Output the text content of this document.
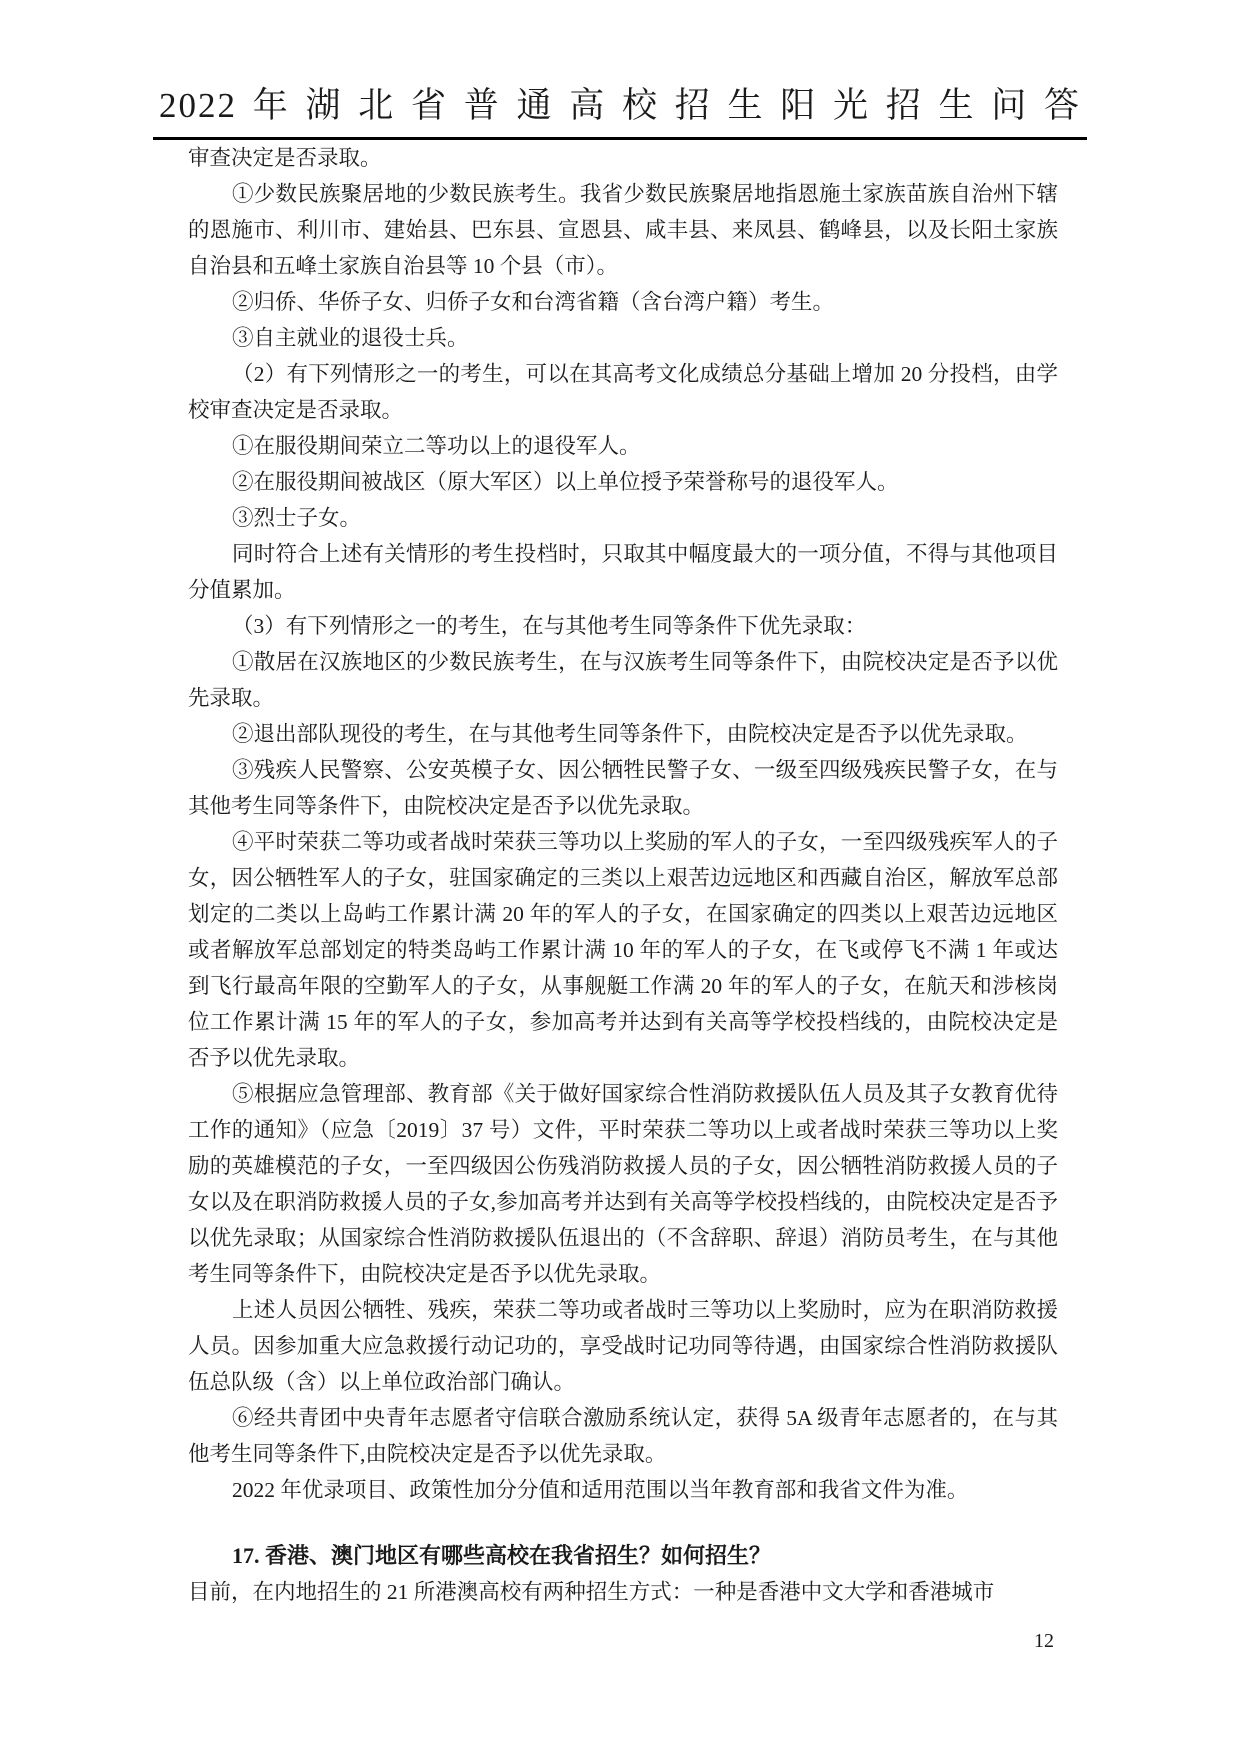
2022 年 湖 北 省 普 通 高 校 招 生 阳 光 招 生 问 答

审查决定是否录取。

①少数民族聚居地的少数民族考生。我省少数民族聚居地指恩施土家族苗族自治州下辖的恩施市、利川市、建始县、巴东县、宣恩县、咸丰县、来凤县、鹤峰县，以及长阳土家族自治县和五峰土家族自治县等 10 个县（市）。

②归侨、华侨子女、归侨子女和台湾省籍（含台湾户籍）考生。

③自主就业的退役士兵。

（2）有下列情形之一的考生，可以在其高考文化成绩总分基础上增加 20 分投档，由学校审查决定是否录取。

①在服役期间荣立二等功以上的退役军人。

②在服役期间被战区（原大军区）以上单位授予荣誉称号的退役军人。

③烈士子女。

同时符合上述有关情形的考生投档时，只取其中幅度最大的一项分值，不得与其他项目分值累加。

（3）有下列情形之一的考生，在与其他考生同等条件下优先录取：

①散居在汉族地区的少数民族考生，在与汉族考生同等条件下，由院校决定是否予以优先录取。

②退出部队现役的考生，在与其他考生同等条件下，由院校决定是否予以优先录取。

③残疾人民警察、公安英模子女、因公牺牲民警子女、一级至四级残疾民警子女，在与其他考生同等条件下，由院校决定是否予以优先录取。

④平时荣获二等功或者战时荣获三等功以上奖励的军人的子女，一至四级残疾军人的子女，因公牺牲军人的子女，驻国家确定的三类以上艰苦边远地区和西藏自治区，解放军总部划定的二类以上岛屿工作累计满 20 年的军人的子女，在国家确定的四类以上艰苦边远地区或者解放军总部划定的特类岛屿工作累计满 10 年的军人的子女，在飞或停飞不满 1 年或达到飞行最高年限的空勤军人的子女，从事舰艇工作满 20 年的军人的子女，在航天和涉核岗位工作累计满 15 年的军人的子女，参加高考并达到有关高等学校投档线的，由院校决定是否予以优先录取。

⑤根据应急管理部、教育部《关于做好国家综合性消防救援队伍人员及其子女教育优待工作的通知》（应急〔2019〕37 号）文件，平时荣获二等功以上或者战时荣获三等功以上奖励的英雄模范的子女，一至四级因公伤残消防救援人员的子女，因公牺牲消防救援人员的子女以及在职消防救援人员的子女,参加高考并达到有关高等学校投档线的，由院校决定是否予以优先录取；从国家综合性消防救援队伍退出的（不含辞职、辞退）消防员考生，在与其他考生同等条件下，由院校决定是否予以优先录取。

上述人员因公牺牲、残疾，荣获二等功或者战时三等功以上奖励时，应为在职消防救援人员。因参加重大应急救援行动记功的，享受战时记功同等待遇，由国家综合性消防救援队伍总队级（含）以上单位政治部门确认。

⑥经共青团中央青年志愿者守信联合激励系统认定，获得 5A 级青年志愿者的，在与其他考生同等条件下,由院校决定是否予以优先录取。

2022 年优录项目、政策性加分分值和适用范围以当年教育部和我省文件为准。

17. 香港、澳门地区有哪些高校在我省招生？如何招生？

目前，在内地招生的 21 所港澳高校有两种招生方式：一种是香港中文大学和香港城市

12
